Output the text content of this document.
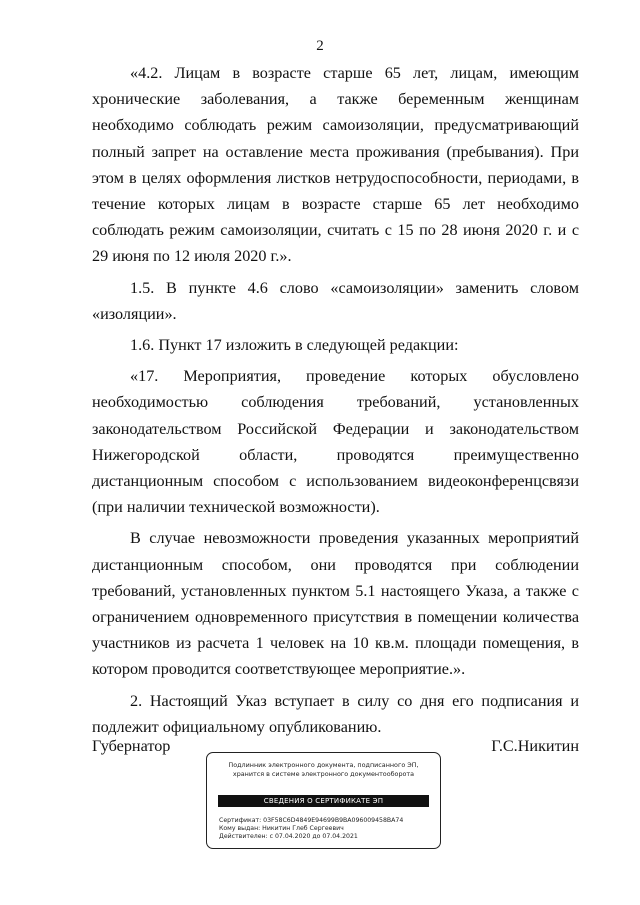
2

«4.2. Лицам в возрасте старше 65 лет, лицам, имеющим хронические заболевания, а также беременным женщинам необходимо соблюдать режим самоизоляции, предусматривающий полный запрет на оставление места проживания (пребывания). При этом в целях оформления листков нетрудоспособности, периодами, в течение которых лицам в возрасте старше 65 лет необходимо соблюдать режим самоизоляции, считать с 15 по 28 июня 2020 г. и с 29 июня по 12 июля 2020 г.».

1.5. В пункте 4.6 слово «самоизоляции» заменить словом «изоляции».

1.6. Пункт 17 изложить в следующей редакции:

«17. Мероприятия, проведение которых обусловлено необходимостью соблюдения требований, установленных законодательством Российской Федерации и законодательством Нижегородской области, проводятся преимущественно дистанционным способом с использованием видеоконференцсвязи (при наличии технической возможности).

В случае невозможности проведения указанных мероприятий дистанционным способом, они проводятся при соблюдении требований, установленных пунктом 5.1 настоящего Указа, а также с ограничением одновременного присутствия в помещении количества участников из расчета 1 человек на 10 кв.м. площади помещения, в котором проводится соответствующее мероприятие.».

2. Настоящий Указ вступает в силу со дня его подписания и подлежит официальному опубликованию.

Губернатор	Г.С.Никитин
Подлинник электронного документа, подписанного ЭП,
хранится в системе электронного документооборота
СВЕДЕНИЯ О СЕРТИФИКАТЕ ЭП
Сертификат: 03F58C6D4849E94699B9BA096009458BA74
Кому выдан: Никитин Глеб Сергеевич
Действителен: с 07.04.2020 до 07.04.2021
